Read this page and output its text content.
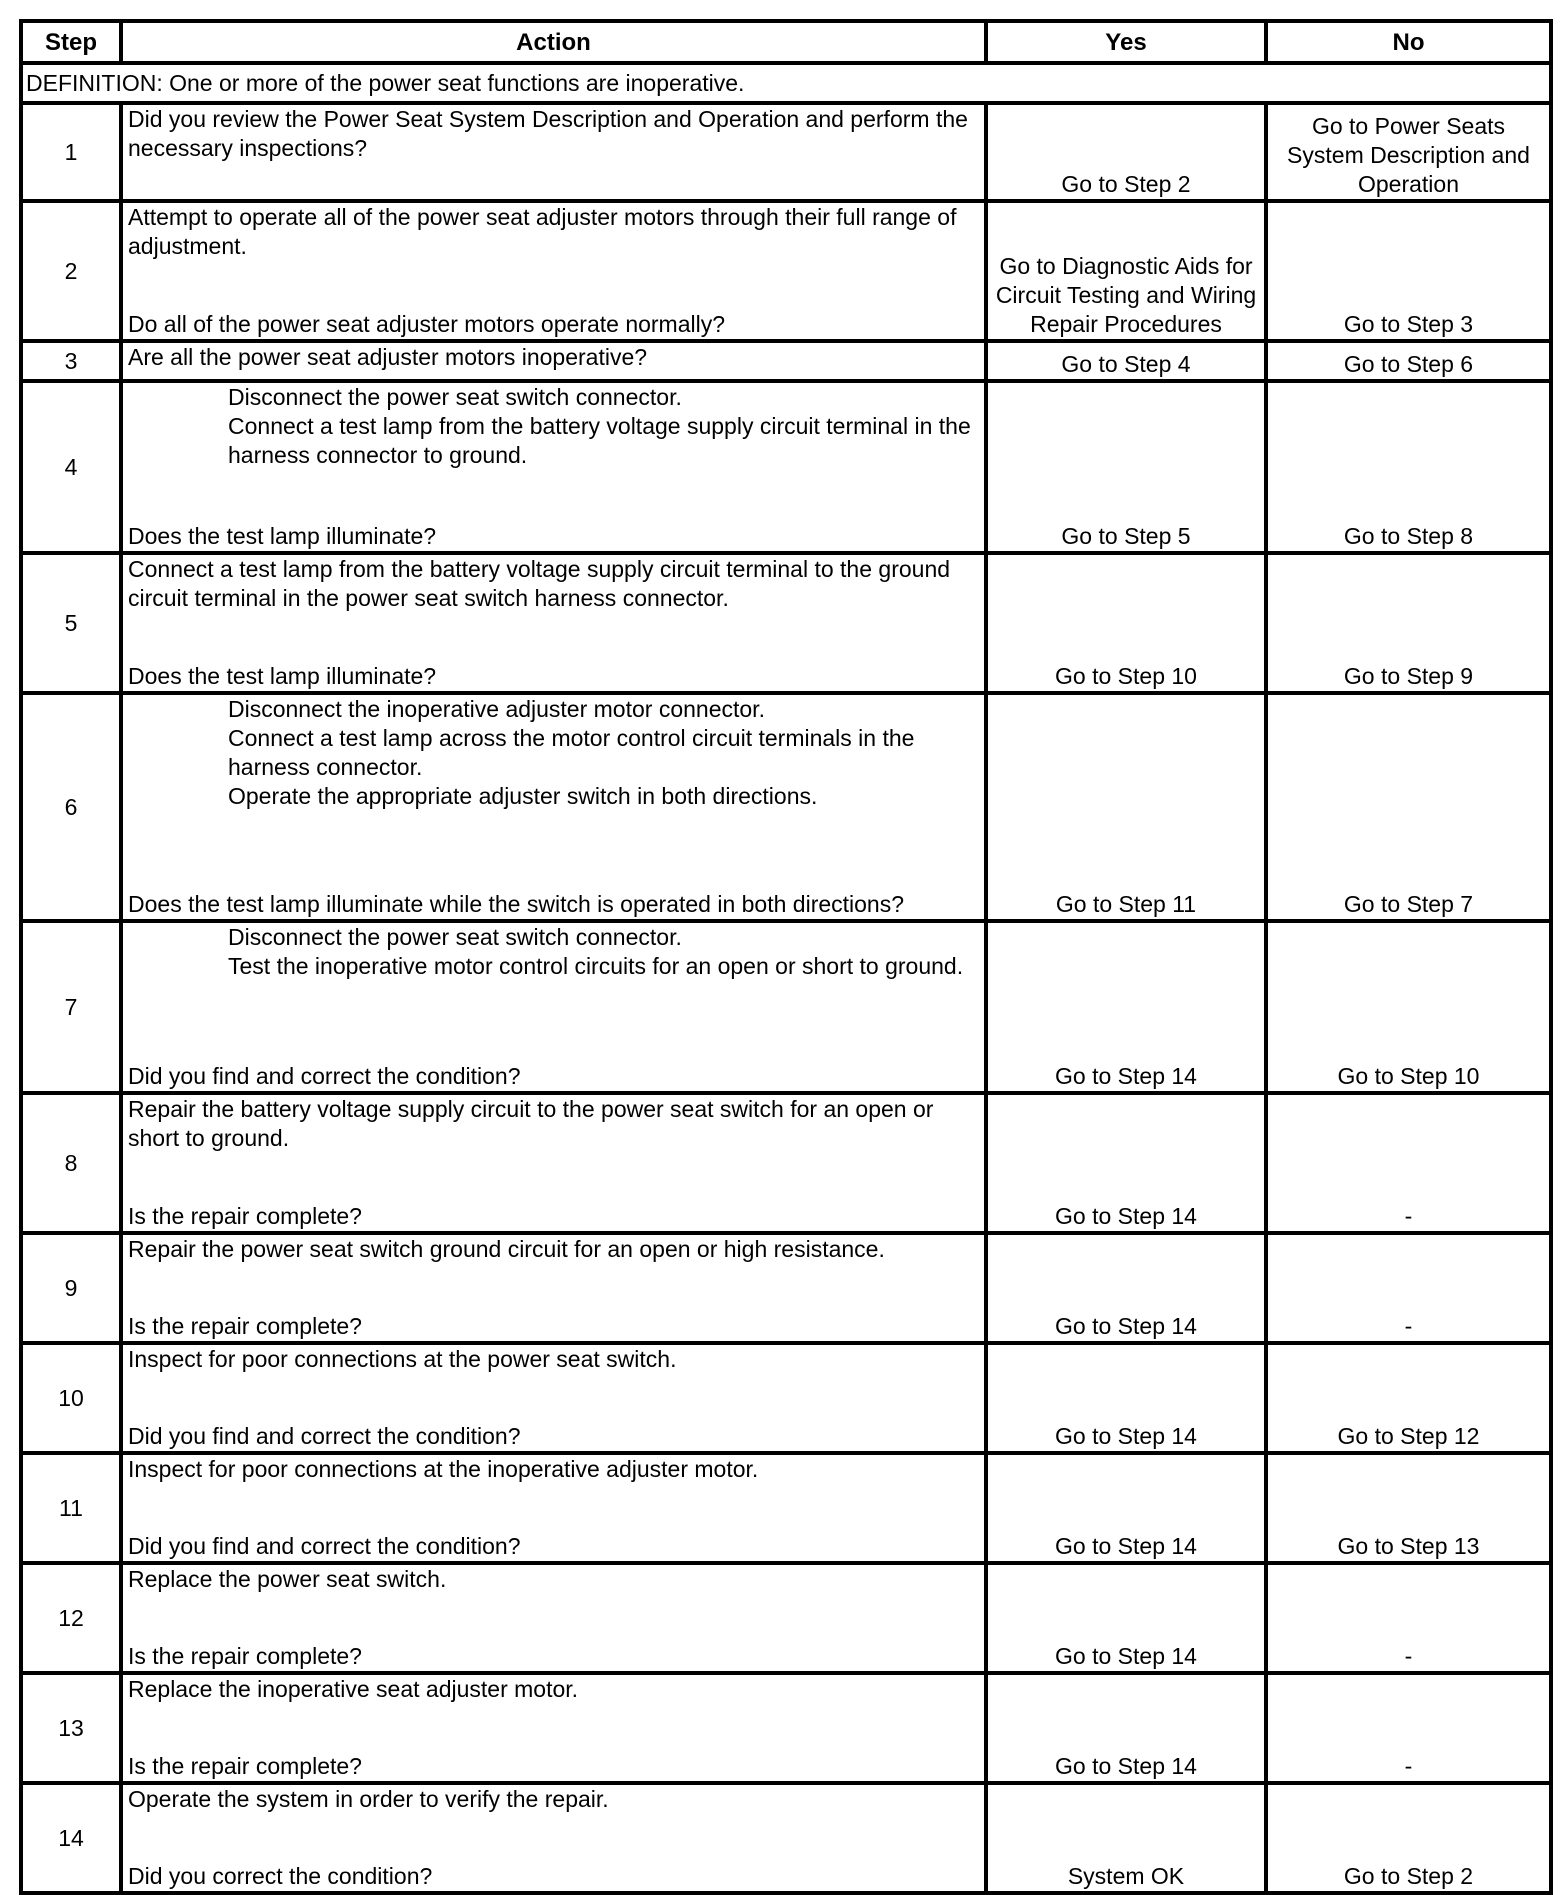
Step	Action	Yes	No
DEFINITION: One or more of the power seat functions are inoperative.			
1	Did you review the Power Seat System Description and Operation and perform the necessary inspections?	Go to Step 2	Go to Power Seats System Description and Operation
2	Attempt to operate all of the power seat adjuster motors through their full range of adjustment.
Do all of the power seat adjuster motors operate normally?	Go to Diagnostic Aids for Circuit Testing and Wiring Repair Procedures	Go to Step 3
3	Are all the power seat adjuster motors inoperative?	Go to Step 4	Go to Step 6
4	Disconnect the power seat switch connector.
Connect a test lamp from the battery voltage supply circuit terminal in the harness connector to ground.
Does the test lamp illuminate?	Go to Step 5	Go to Step 8
5	Connect a test lamp from the battery voltage supply circuit terminal to the ground circuit terminal in the power seat switch harness connector.
Does the test lamp illuminate?	Go to Step 10	Go to Step 9
6	Disconnect the inoperative adjuster motor connector.
Connect a test lamp across the motor control circuit terminals in the harness connector.
Operate the appropriate adjuster switch in both directions.
Does the test lamp illuminate while the switch is operated in both directions?	Go to Step 11	Go to Step 7
7	Disconnect the power seat switch connector.
Test the inoperative motor control circuits for an open or short to ground.
Did you find and correct the condition?	Go to Step 14	Go to Step 10
8	Repair the battery voltage supply circuit to the power seat switch for an open or short to ground.
Is the repair complete?	Go to Step 14	-
9	Repair the power seat switch ground circuit for an open or high resistance.
Is the repair complete?	Go to Step 14	-
10	Inspect for poor connections at the power seat switch.
Did you find and correct the condition?	Go to Step 14	Go to Step 12
11	Inspect for poor connections at the inoperative adjuster motor.
Did you find and correct the condition?	Go to Step 14	Go to Step 13
12	Replace the power seat switch.
Is the repair complete?	Go to Step 14	-
13	Replace the inoperative seat adjuster motor.
Is the repair complete?	Go to Step 14	-
14	Operate the system in order to verify the repair.
Did you correct the condition?	System OK	Go to Step 2
